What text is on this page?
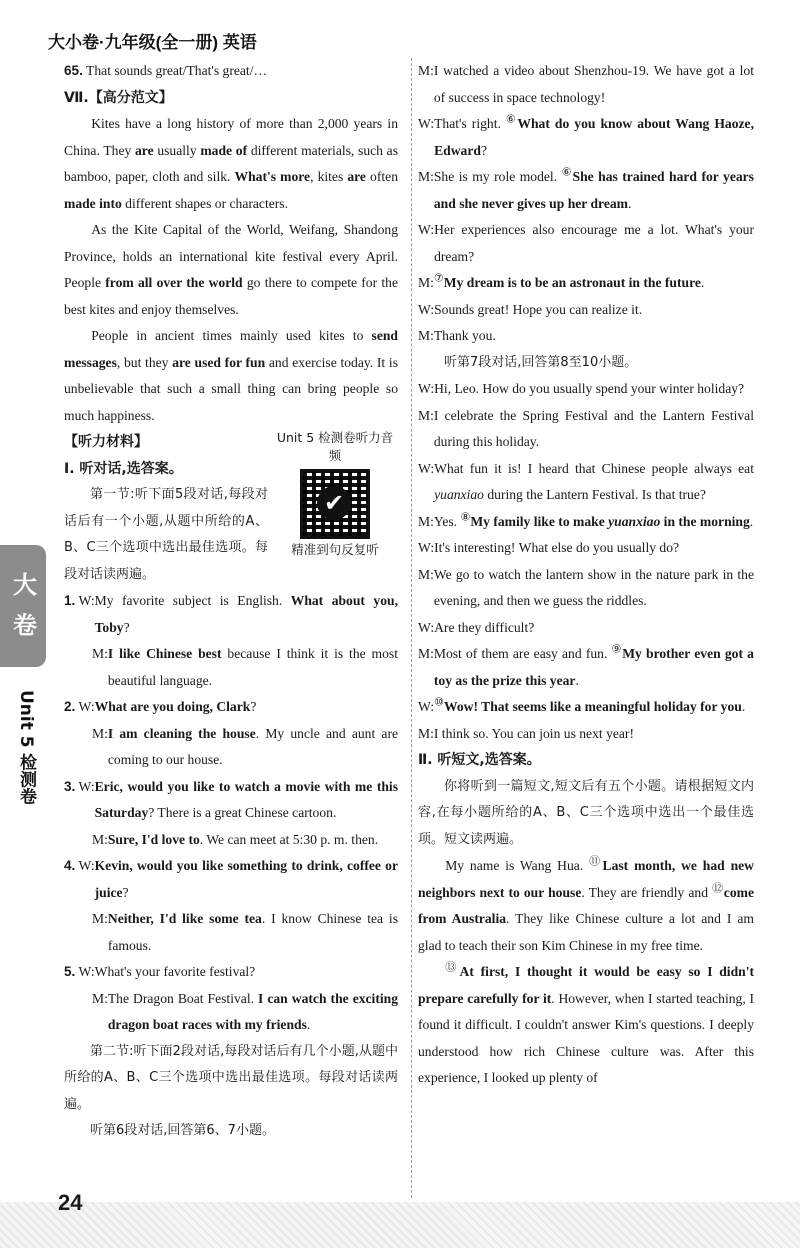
大小卷·九年级(全一册) 英语
大 卷
Unit 5 检测卷
24

65. That sounds great/That's great/…

Ⅶ.【高分范文】

Kites have a long history of more than 2,000 years in China. They are usually made of different materials, such as bamboo, paper, cloth and silk. What's more, kites are often made into different shapes or characters.

As the Kite Capital of the World, Weifang, Shandong Province, holds an international kite festival every April. People from all over the world go there to compete for the best kites and enjoy themselves.

People in ancient times mainly used kites to send messages, but they are used for fun and exercise today. It is unbelievable that such a small thing can bring people so much happiness.

Unit 5 检测卷听力音频
✔
精准到句反复听

【听力材料】

Ⅰ. 听对话,选答案。

第一节:听下面5段对话,每段对话后有一个小题,从题中所给的A、B、C三个选项中选出最佳选项。每段对话读两遍。

1. W: My favorite subject is English. What about you, Toby?
M: I like Chinese best because I think it is the most beautiful language.
2. W: What are you doing, Clark?
M: I am cleaning the house. My uncle and aunt are coming to our house.
3. W: Eric, would you like to watch a movie with me this Saturday? There is a great Chinese cartoon.
M: Sure, I'd love to. We can meet at 5:30 p. m. then.
4. W: Kevin, would you like something to drink, coffee or juice?
M: Neither, I'd like some tea. I know Chinese tea is famous.
5. W: What's your favorite festival?
M: The Dragon Boat Festival. I can watch the exciting dragon boat races with my friends.

第二节:听下面2段对话,每段对话后有几个小题,从题中所给的A、B、C三个选项中选出最佳选项。每段对话读两遍。

听第6段对话,回答第6、7小题。

M: I watched a video about Shenzhou-19. We have got a lot of success in space technology!
W: That's right. ⑥What do you know about Wang Haoze, Edward?
M: She is my role model. ⑥She has trained hard for years and she never gives up her dream.
W: Her experiences also encourage me a lot. What's your dream?
M: ⑦My dream is to be an astronaut in the future.
W: Sounds great! Hope you can realize it.
M: Thank you.

听第7段对话,回答第8至10小题。

W: Hi, Leo. How do you usually spend your winter holiday?
M: I celebrate the Spring Festival and the Lantern Festival during this holiday.
W: What fun it is! I heard that Chinese people always eat yuanxiao during the Lantern Festival. Is that true?
M: Yes. ⑧My family like to make yuanxiao in the morning.
W: It's interesting! What else do you usually do?
M: We go to watch the lantern show in the nature park in the evening, and then we guess the riddles.
W: Are they difficult?
M: Most of them are easy and fun. ⑨My brother even got a toy as the prize this year.
W: ⑩Wow! That seems like a meaningful holiday for you.
M: I think so. You can join us next year!

Ⅱ. 听短文,选答案。

你将听到一篇短文,短文后有五个小题。请根据短文内容,在每小题所给的A、B、C三个选项中选出一个最佳选项。短文读两遍。

My name is Wang Hua. ⑪Last month, we had new neighbors next to our house. They are friendly and ⑫come from Australia. They like Chinese culture a lot and I am glad to teach their son Kim Chinese in my free time.

⑬At first, I thought it would be easy so I didn't prepare carefully for it. However, when I started teaching, I found it difficult. I couldn't answer Kim's questions. I deeply understood how rich Chinese culture was. After this experience, I looked up plenty of
